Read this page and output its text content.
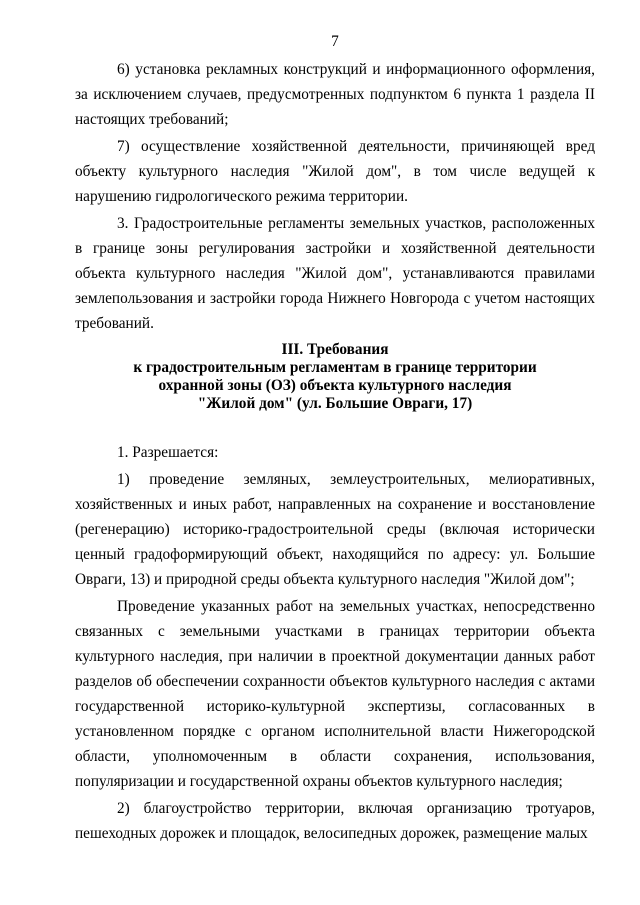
7

6) установка рекламных конструкций и информационного оформления, за исключением случаев, предусмотренных подпунктом 6 пункта 1 раздела II настоящих требований;

7) осуществление хозяйственной деятельности, причиняющей вред объекту культурного наследия "Жилой дом", в том числе ведущей к нарушению гидрологического режима территории.

3. Градостроительные регламенты земельных участков, расположенных в границе зоны регулирования застройки и хозяйственной деятельности объекта культурного наследия "Жилой дом", устанавливаются правилами землепользования и застройки города Нижнего Новгорода с учетом настоящих требований.

III. Требования

к градостроительным регламентам в границе территории

охранной зоны (ОЗ) объекта культурного наследия

"Жилой дом" (ул. Большие Овраги, 17)

1. Разрешается:

1) проведение земляных, землеустроительных, мелиоративных, хозяйственных и иных работ, направленных на сохранение и восстановление (регенерацию) историко-градостроительной среды (включая исторически ценный градоформирующий объект, находящийся по адресу: ул. Большие Овраги, 13) и природной среды объекта культурного наследия "Жилой дом";

Проведение указанных работ на земельных участках, непосредственно связанных с земельными участками в границах территории объекта культурного наследия, при наличии в проектной документации данных работ разделов об обеспечении сохранности объектов культурного наследия с актами государственной историко-культурной экспертизы, согласованных в установленном порядке с органом исполнительной власти Нижегородской области, уполномоченным в области сохранения, использования, популяризации и государственной охраны объектов культурного наследия;

2) благоустройство территории, включая организацию тротуаров, пешеходных дорожек и площадок, велосипедных дорожек, размещение малых
